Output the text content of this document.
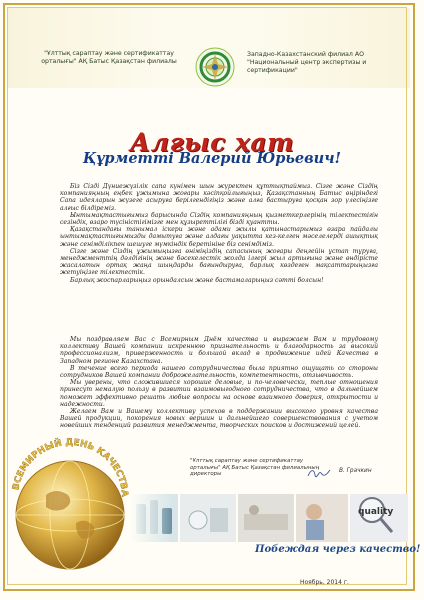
"Ұлттық сараптау және сертификаттау орталығы" АҚ Батыс Қазақстан филиалы
Западно-Казахстанский филиал АО "Национальный центр экспертизы и сертификации"
Алғыс хат
Құрметті Валерий Юрьевич!

Біз Сізді Дүниежүзілік сапа күнімен шын жүректен құттықтаймыз. Сізге және Сіздің компанияңның еңбек ұжымына жоғары кәсіпқойлығыңыз, Қазақстанның Батыс өңіріндегі Сапа идеяларын жүзеге асыруға берілгендігіңіз және алға бастыруға қосқан зор үлесіңізге алғыс білдіреміз.

Ынтымақтастығымыз барысында Сіздің компанияңның қызметкерлерінің тілектестігін сезіндік, өзаро түсіністігімізге мен құзыреттілігі бізді қуантты.

Қазақстандағы танымал іскери және адами жылы қатынастарымыз өзара пайдалы ынтымақтастығымызды дамытуға және алдағы уақытта кез-келген мәселелерді ашықтық және сенімділікпен шешуге мүмкіндік беретініне біз сенімдіміз.

Сізге және Сіздің ұжымыңызға өніміңіздің сапасының жоғары деңгейін ұстап тұруға, менеджменттің дәлдігінің және бәсекелестік жолда ілгері жыл артығына және өндірісте жасалатын ортақ жаңа шыңдарды бағындыруға, барлық көздеген мақсаттарыңызға жетуіңізге тілектестік.

Барлық жоспарларыңыз орындалсын және бастамаларыңыз сәтті болсын!

Мы поздравляем Вас с Всемирным Днём качества и выражаем Вам и трудовому коллективу Вашей компании искреннюю признательность и благодарность за высокий профессионализм, приверженность и большой вклад в продвижение идей Качества в Западном регионе Казахстана.

В течение всего периода нашего сотрудничества была приятно ощущать со стороны сотрудников Вашей компании доброжелательность, компетентность, отзывчивость.

Мы уверены, что сложившиеся хорошие деловые, и по-человечески, теплые отношения принесут немалую пользу в развитии взаимовыгодного сотрудничества, что в дальнейшем поможет эффективно решать любые вопросы на основе взаимного доверия, открытости и надежности.

Желаем Вам и Вашему коллективу успехов в поддержании высокого уровня качества Вашей продукции, покорения новых вершин и дальнейшего совершенствования с учетом новейших тенденций развития менеджмента, творческих поисков и достижений целей.

ВСЕМИРНЫЙ ДЕНЬ КАЧЕСТВА
"Ұлттық сараптау және сертификаттау орталығы" АҚ Батыс Қазақстан филиалының директоры
В. Грачкин
Побеждая через качество!
Ноябрь, 2014 г.
